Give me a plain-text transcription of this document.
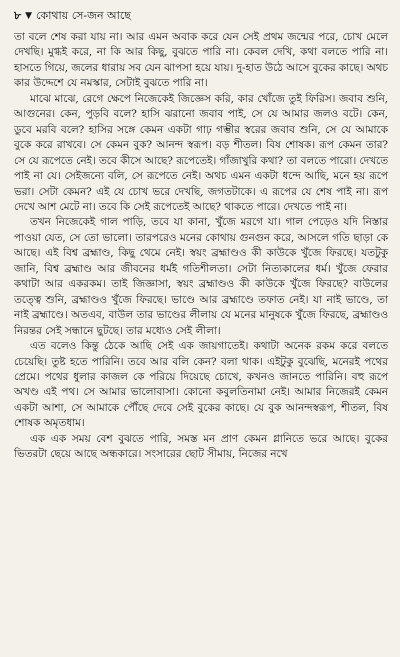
৮ ▼ কোথায় সে-জন আছে

তা বলে শেষ করা যায় না। আর এমন অবাক করে যেন সেই প্রথম জন্মের পরে, চোখ মেলে দেখছি। মুগ্ধই করে, না কি আর কিছু, বুঝতে পারি না। কেবল দেখি, কথা বলতে পারি না। হাসতে গিয়ে, জলের ধারায় সব যেন ঝাপসা হয়ে যায়। দু-হাত উঠে আসে বুকের কাছে। অথচ কার উদ্দেশে যে নমস্কার, সেটাই বুঝতে পারি না।

মাঝে মাঝে, রেগে ক্ষেপে নিজেকেই জিজ্ঞেস করি, কার খোঁজে তুই ফিরিস। জবাব শুনি, আগুনের। কেন, পুড়বি বলে? হাসি ঝরানো জবাব পাই, সে যে আমার জলও বটে। কেন, ডুবে মরবি বলে? হাসির সঙ্গে কেমন একটা গাঢ় গম্ভীর স্বরের জবাব শুনি, সে যে আমাকে বুকে করে রাখবে। সে কেমন বুক? আনন্দ স্বরূপ। বড় শীতল। বিষ শোষক। রূপ কেমন তার? সে যে রূপেতে নেই। তবে কীসে আছে? রূপেতেই। গাঁজাখুরি কথা? তা বলতে পারো। দেখতে পাই না যে। সেইজন্যে বলি, সে রূপেতে নেই। অথচ এমন একটা ধন্দে আছি, মনে হয় রূপে ভরা। সেটা কেমন? এই যে চোখ ভরে দেখছি, জগতটাকে। এ রূপের যে শেষ পাই না। রূপ দেখে আশ মেটে না। তবে কি সেই রূপেতেই আছে? থাকতে পারে। দেখতে পাই না।

তখন নিজেকেই গাল পাড়ি, তবে যা কানা, খুঁজে মরগে যা। গাল পেড়েও যদি নিস্তার পাওয়া যেত, সে তো ভালো। তারপরেও মনের কোথায় গুনগুন করে, আসলে গতি ছাড়া কে আছে। এই বিশ্ব ব্রহ্মাণ্ড, কিছু থেমে নেই। স্বয়ং ব্রহ্মাণ্ডও কী কাউকে খুঁজে ফিরছে। যতটুকু জানি, বিশ্ব ব্রহ্মাণ্ড আর জীবনের ধর্মই গতিশীলতা। সেটা নিত্যকালের ধর্ম। খুঁজে ফেরার কথাটা আর একরকম। তাই জিজ্ঞাসা, স্বয়ং ব্রহ্মাণ্ডও কী কাউকে খুঁজে ফিরছে? বাউলের তত্ত্বে শুনি, ব্রহ্মাণ্ডও খুঁজে ফিরছে। ভাণ্ডে আর ব্রহ্মাণ্ডে তফাত নেই। যা নাই ভাণ্ডে, তা নাই ব্রহ্মাণ্ডে। অতএব, বাউল তার ভাণ্ডের লীলায় যে মনের মানুষকে খুঁজে ফিরছে, ব্রহ্মাণ্ডও নিরন্তর সেই সন্ধানে ছুটছে। তার মধ্যেও সেই লীলা।

এত বলেও কিন্তু ঠেকে আছি সেই এক জায়গাতেই। কথাটা অনেক রকম করে বলতে চেয়েছি। তুষ্ট হতে পারিনি। তবে আর বলি কেন? বলা থাক। এইটুকু বুঝেছি, মনেরই পথের প্রেমে। পথের ধুলার কাজল কে পরিয়ে দিয়েছে চোখে, কখনও জানতে পারিনি। বহু রূপে অখণ্ড এই পথ। সে আমার ভালোবাসা। কোনো কবুলতিনামা নেই। আমার নিজেরই কেমন একটা আশা, সে আমাকে পৌঁছে দেবে সেই বুকের কাছে। যে বুক আনন্দস্বরূপ, শীতল, বিষ শোষক অমৃতধাম।

এক এক সময় বেশ বুঝতে পারি, সমস্ত মন প্রাণ কেমন গ্লানিতে ভরে আছে। বুকের ভিতরটা ছেয়ে আছে অন্ধকারে। সংসারের ছোট সীমায়, নিজের নখে
